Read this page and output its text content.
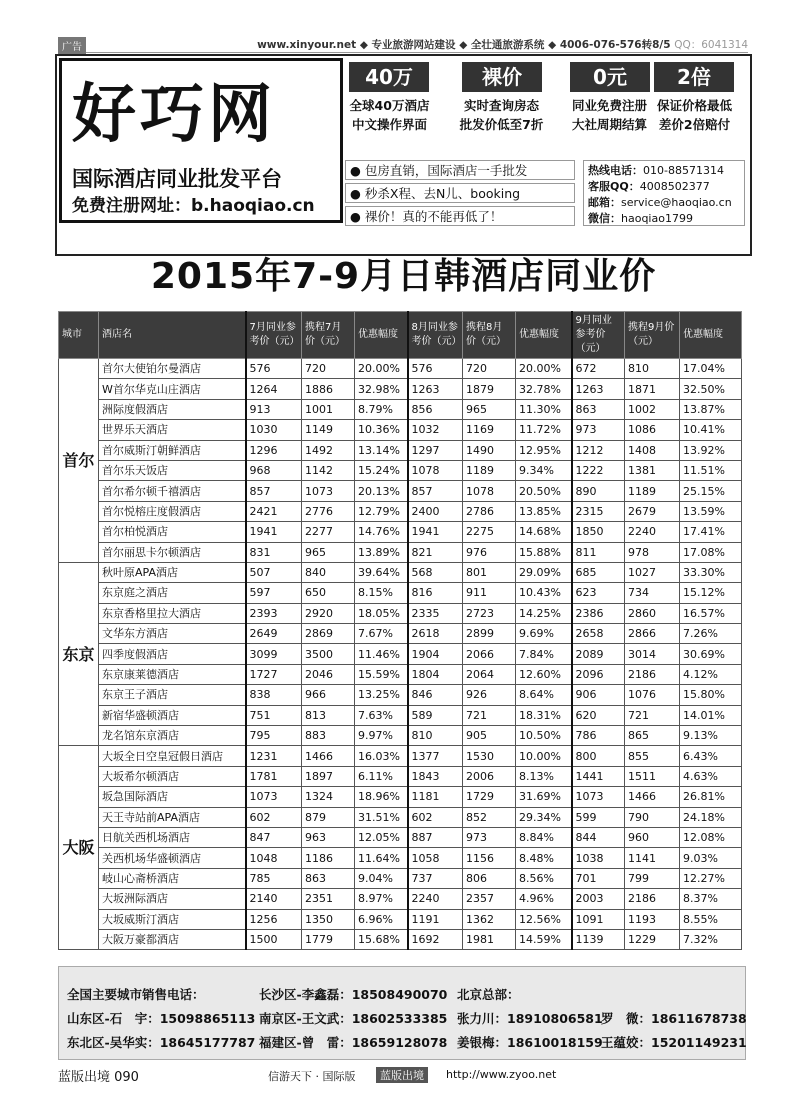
广告	www.xinyour.net ◆ 专业旅游网站建设 ◆ 全壮通旅游系统 ◆ 4006-076-576转8/5 QQ：6041314
好巧网
国际酒店同业批发平台
免费注册网址：b.haoqiao.cn
40万	裸价	0元	2倍
全球40万酒店
中文操作界面
实时查询房态
批发价低至7折
同业免费注册
大社周期结算
保证价格最低
差价2倍赔付
● 包房直销，国际酒店一手批发
● 秒杀X程、去N儿、booking
● 裸价！真的不能再低了！
热线电话：010-88571314
客服QQ：4008502377
邮箱：service@haoqiao.cn
微信：haoqiao1799
2015年7-9月日韩酒店同业价
城市	酒店名	7月同业参考价（元）	携程7月价（元）	优惠幅度	8月同业参考价（元）	携程8月价（元）	优惠幅度	9月同业参考价（元）	携程9月价（元）	优惠幅度
首尔	首尔大使铂尔曼酒店	576	720	20.00%	576	720	20.00%	672	810	17.04%
	W首尔华克山庄酒店	1264	1886	32.98%	1263	1879	32.78%	1263	1871	32.50%
	洲际度假酒店	913	1001	8.79%	856	965	11.30%	863	1002	13.87%
	世界乐天酒店	1030	1149	10.36%	1032	1169	11.72%	973	1086	10.41%
	首尔威斯汀朝鲜酒店	1296	1492	13.14%	1297	1490	12.95%	1212	1408	13.92%
	首尔乐天饭店	968	1142	15.24%	1078	1189	9.34%	1222	1381	11.51%
	首尔希尔顿千禧酒店	857	1073	20.13%	857	1078	20.50%	890	1189	25.15%
	首尔悦榕庄度假酒店	2421	2776	12.79%	2400	2786	13.85%	2315	2679	13.59%
	首尔柏悦酒店	1941	2277	14.76%	1941	2275	14.68%	1850	2240	17.41%
	首尔丽思卡尔顿酒店	831	965	13.89%	821	976	15.88%	811	978	17.08%
东京	秋叶原APA酒店	507	840	39.64%	568	801	29.09%	685	1027	33.30%
	东京庭之酒店	597	650	8.15%	816	911	10.43%	623	734	15.12%
	东京香格里拉大酒店	2393	2920	18.05%	2335	2723	14.25%	2386	2860	16.57%
	文华东方酒店	2649	2869	7.67%	2618	2899	9.69%	2658	2866	7.26%
	四季度假酒店	3099	3500	11.46%	1904	2066	7.84%	2089	3014	30.69%
	东京康莱德酒店	1727	2046	15.59%	1804	2064	12.60%	2096	2186	4.12%
	东京王子酒店	838	966	13.25%	846	926	8.64%	906	1076	15.80%
	新宿华盛顿酒店	751	813	7.63%	589	721	18.31%	620	721	14.01%
	龙名馆东京酒店	795	883	9.97%	810	905	10.50%	786	865	9.13%
大阪	大坂全日空皇冠假日酒店	1231	1466	16.03%	1377	1530	10.00%	800	855	6.43%
	大坂希尔顿酒店	1781	1897	6.11%	1843	2006	8.13%	1441	1511	4.63%
	坂急国际酒店	1073	1324	18.96%	1181	1729	31.69%	1073	1466	26.81%
	天王寺站前APA酒店	602	879	31.51%	602	852	29.34%	599	790	24.18%
	日航关西机场酒店	847	963	12.05%	887	973	8.84%	844	960	12.08%
	关西机场华盛顿酒店	1048	1186	11.64%	1058	1156	8.48%	1038	1141	9.03%
	岐山心斋桥酒店	785	863	9.04%	737	806	8.56%	701	799	12.27%
	大坂洲际酒店	2140	2351	8.97%	2240	2357	4.96%	2003	2186	8.37%
	大坂威斯汀酒店	1256	1350	6.96%	1191	1362	12.56%	1091	1193	8.55%
	大阪万豪都酒店	1500	1779	15.68%	1692	1981	14.59%	1139	1229	7.32%
全国主要城市销售电话：	长沙区-李鑫磊：18508490070 北京总部：
山东区-石　宇：15098865113 南京区-王文武：18602533385 张力川：18910806581
罗　微：18611678738
东北区-吴华实：18645177787 福建区-曾　雷：18659128078 姜银梅：18610018159
王蕴姣：15201149231
蓝版出境 090	信游天下 · 国际版	蓝版出境	http://www.zyoo.net
